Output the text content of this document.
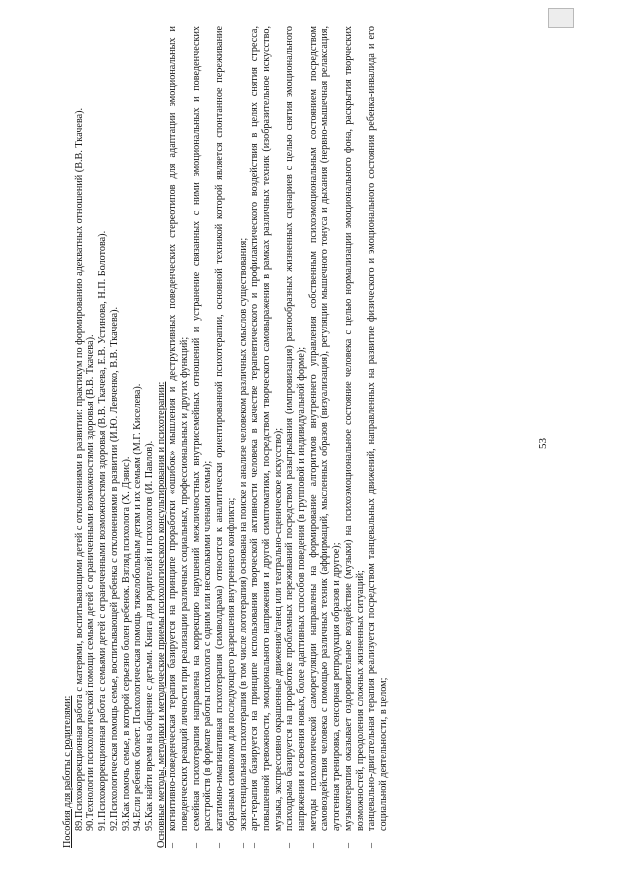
53
Пособия для работы с родителями: 89.
Психокоррекционная работа с матерями, воспитывающими детей с отклонениями в развитии: практикум по формированию адекватных отношений (В.В. Ткачева).
90.
Технологии психологической помощи семьям детей с ограниченными возможностями здоровья (В.В. Ткачева).
91.
Психокоррекционная работа с семьями детей с ограниченными возможностями здоровья (В.В. Ткачева, Е.В. Устинова, Н.П. Болотова).
92.
Психологическая помощь семье, воспитывающей ребенка с отклонениями в развитии (И.Ю. Левченко, В.В. Ткачева).
93.
Как помочь семье, в которой серьезно болен ребенок. Взгляд психолога (Х. Дэвис).
94.
Если ребенок болеет. Психологическая помощь тяжелобольным детям и их семьям (М.Г. Киселева).
95.
Как найти время на общение с детьми. Книга для родителей и психологов (И. Павлов). Основные методы, методики и методические приемы психологического консультирования и психотерапии: –
когнитивно-поведенческая терапия базируется на принципе проработки «ошибок» мышления и деструктивных поведенческих стереотипов для адаптации эмоциональных и поведенческих реакций личности при реализации различных социальных, профессиональных и других функций;
–
семейная психотерапия направлена на коррекцию нарушений межличностных внутрисемейных отношений и устранение связанных с ними эмоциональных и поведенческих расстройств (в формате работы психолога с одним или несколькими членами семьи);
–
кататимно-имагинативная психотерапия (символдрама) относится к аналитически ориентированной психотерапии, основной техникой которой является спонтанное переживание образным символом для последующего разрешения внутреннего конфликта;
–
экзистенциальная психотерапия (в том числе логотерапия) основана на поиске и анализе человеком различных смыслов существования;
–
арт-терапия базируется на принципе использования творческой активности человека в качестве терапевтического и профилактического воздействия в целях снятия стресса, повышенной тревожности, эмоционального напряжения и другой симптоматики, посредством творческого самовыражения в рамках различных техник (изобразительное искусство, музыка, экспрессивно окрашенные движения/танец или театрально-сценическое искусство);
–
психодрама базируется на проработке проблемных переживаний посредством разыгрывания (импровизация) разнообразных жизненных сценариев с целью снятия эмоционального напряжения и освоения новых, более адаптивных способов поведения (в групповой и индивидуальной форме);
–
методы психологической саморегуляции направлены на формирование алгоритмов внутреннего управления собственным психоэмоциональным состоянием посредством самовоздействия человека с помощью различных техник (аффирмаций, мысленных образов (визуализация), регуляции мышечного тонуса и дыхания (нервно-мышечная релаксация, аутогенная тренировка, сенсорная репродукция образов и другое);
–
музыкотерапия оказывает оздоровительное воздействие (музыки) на психоэмоциональное состояние человека с целью нормализации эмоционального фона, раскрытия творческих возможностей, преодоления сложных жизненных ситуаций;
–
танцевально-двигательная терапия реализуется посредством танцевальных движений, направленных на развитие физического и эмоционального состояния ребенка-инвалида и его социальной деятельности, в целом;
